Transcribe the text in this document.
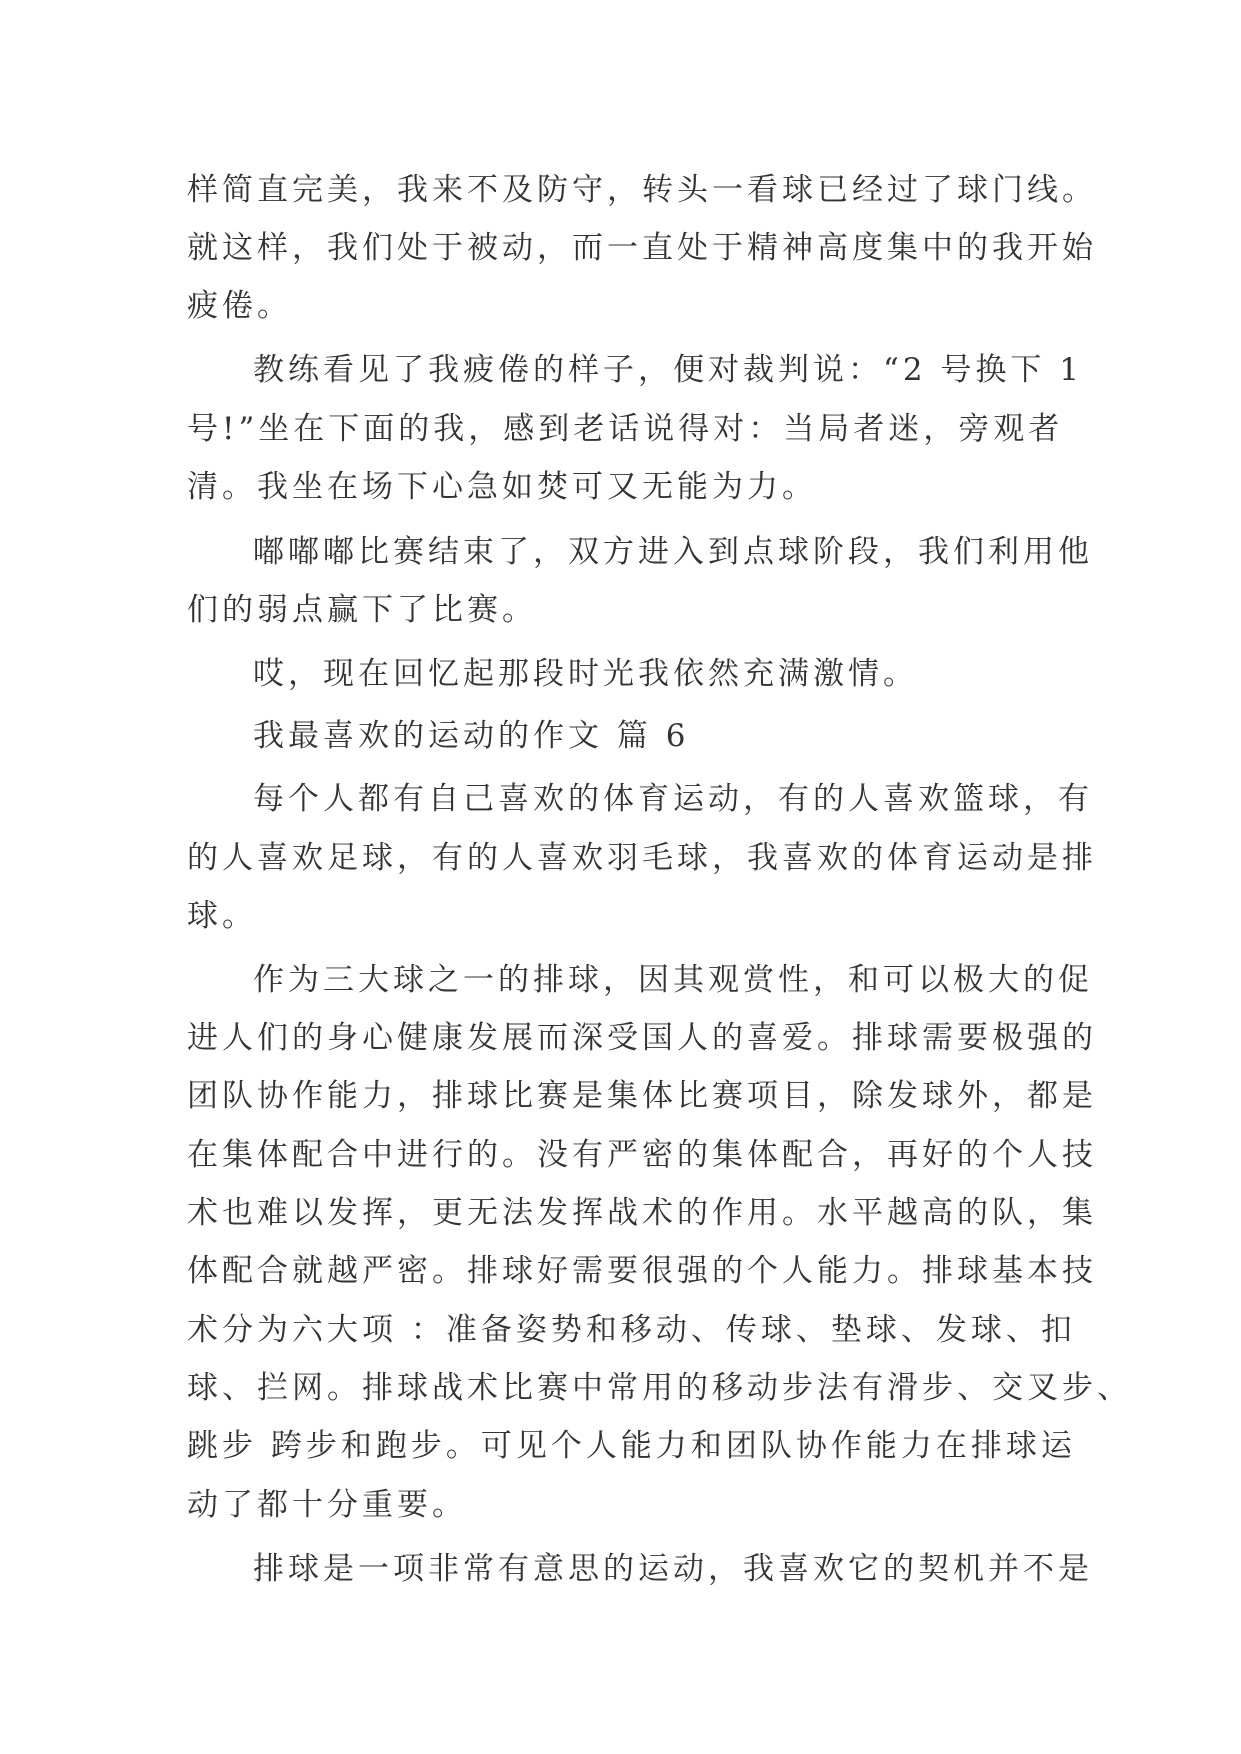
样简直完美，我来不及防守，转头一看球已经过了球门线。
就这样，我们处于被动，而一直处于精神高度集中的我开始
疲倦。
教练看见了我疲倦的样子，便对裁判说：“2 号换下 1
号!”坐在下面的我，感到老话说得对：当局者迷，旁观者
清。我坐在场下心急如焚可又无能为力。
嘟嘟嘟比赛结束了，双方进入到点球阶段，我们利用他
们的弱点赢下了比赛。
哎，现在回忆起那段时光我依然充满激情。
我最喜欢的运动的作文 篇 6
每个人都有自己喜欢的体育运动，有的人喜欢篮球，有
的人喜欢足球，有的人喜欢羽毛球，我喜欢的体育运动是排
球。
作为三大球之一的排球，因其观赏性，和可以极大的促
进人们的身心健康发展而深受国人的喜爱。排球需要极强的
团队协作能力，排球比赛是集体比赛项目，除发球外，都是
在集体配合中进行的。没有严密的集体配合，再好的个人技
术也难以发挥，更无法发挥战术的作用。水平越高的队，集
体配合就越严密。排球好需要很强的个人能力。排球基本技
术分为六大项 ：准备姿势和移动、传球、垫球、发球、扣
球、拦网。排球战术比赛中常用的移动步法有滑步、交叉步、
跳步 跨步和跑步。可见个人能力和团队协作能力在排球运
动了都十分重要。
排球是一项非常有意思的运动，我喜欢它的契机并不是
